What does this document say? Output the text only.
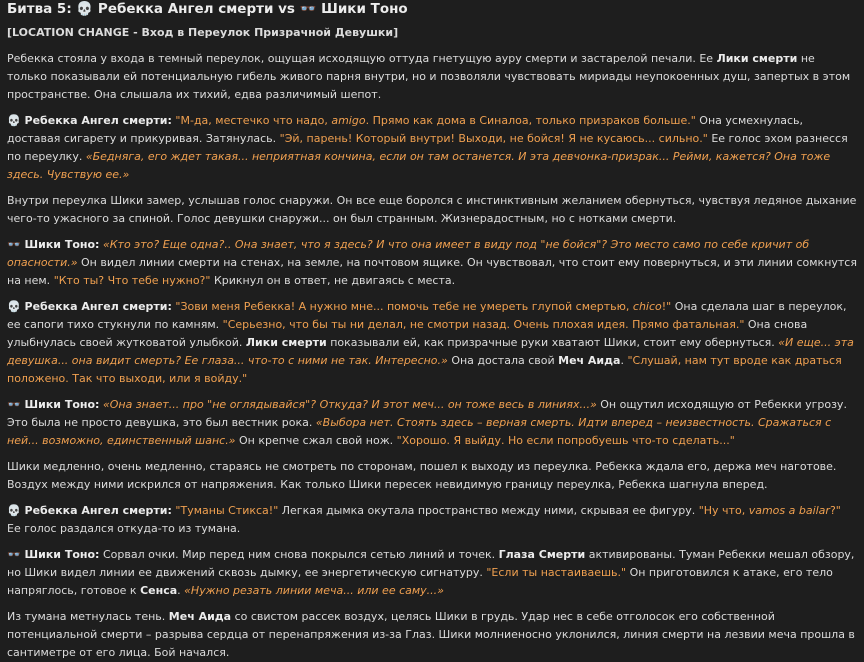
Битва 5: 💀 Ребекка Ангел смерти vs 👓 Шики Тоно
[LOCATION CHANGE - Вход в Переулок Призрачной Девушки]

Ребекка стояла у входа в темный переулок, ощущая исходящую оттуда гнетущую ауру смерти и застарелой печали. Ее Лики смерти не только показывали ей потенциальную гибель живого парня внутри, но и позволяли чувствовать мириады неупокоенных душ, запертых в этом пространстве. Она слышала их тихий, едва различимый шепот.

💀 Ребекка Ангел смерти: "М-да, местечко что надо, amigo. Прямо как дома в Синалоа, только призраков больше." Она усмехнулась, доставая сигарету и прикуривая. Затянулась. "Эй, парень! Который внутри! Выходи, не бойся! Я не кусаюсь... сильно." Ее голос эхом разнесся по переулку. «Бедняга, его ждет такая... неприятная кончина, если он там останется. И эта девчонка-призрак... Рейми, кажется? Она тоже здесь. Чувствую ее.»

Внутри переулка Шики замер, услышав голос снаружи. Он все еще боролся с инстинктивным желанием обернуться, чувствуя ледяное дыхание чего-то ужасного за спиной. Голос девушки снаружи... он был странным. Жизнерадостным, но с нотками смерти.

👓 Шики Тоно: «Кто это? Еще одна?.. Она знает, что я здесь? И что она имеет в виду под "не бойся"? Это место само по себе кричит об опасности.» Он видел линии смерти на стенах, на земле, на почтовом ящике. Он чувствовал, что стоит ему повернуться, и эти линии сомкнутся на нем. "Кто ты? Что тебе нужно?" Крикнул он в ответ, не двигаясь с места.

💀 Ребекка Ангел смерти: "Зови меня Ребекка! А нужно мне... помочь тебе не умереть глупой смертью, chico!" Она сделала шаг в переулок, ее сапоги тихо стукнули по камням. "Серьезно, что бы ты ни делал, не смотри назад. Очень плохая идея. Прямо фатальная." Она снова улыбнулась своей жутковатой улыбкой. Лики смерти показывали ей, как призрачные руки хватают Шики, стоит ему обернуться. «И еще... эта девушка... она видит смерть? Ее глаза... что-то с ними не так. Интересно.» Она достала свой Меч Аида. "Слушай, нам тут вроде как драться положено. Так что выходи, или я войду."

👓 Шики Тоно: «Она знает... про "не оглядывайся"? Откуда? И этот меч... он тоже весь в линиях...» Он ощутил исходящую от Ребекки угрозу. Это была не просто девушка, это был вестник рока. «Выбора нет. Стоять здесь – верная смерть. Идти вперед – неизвестность. Сражаться с ней... возможно, единственный шанс.» Он крепче сжал свой нож. "Хорошо. Я выйду. Но если попробуешь что-то сделать..."

Шики медленно, очень медленно, стараясь не смотреть по сторонам, пошел к выходу из переулка. Ребекка ждала его, держа меч наготове. Воздух между ними искрился от напряжения. Как только Шики пересек невидимую границу переулка, Ребекка шагнула вперед.

💀 Ребекка Ангел смерти: "Туманы Стикса!" Легкая дымка окутала пространство между ними, скрывая ее фигуру. "Ну что, vamos a bailar?" Ее голос раздался откуда-то из тумана.

👓 Шики Тоно: Сорвал очки. Мир перед ним снова покрылся сетью линий и точек. Глаза Смерти активированы. Туман Ребекки мешал обзору, но Шики видел линии ее движений сквозь дымку, ее энергетическую сигнатуру. "Если ты настаиваешь." Он приготовился к атаке, его тело напряглось, готовое к Сенса. «Нужно резать линии меча... или ее саму...»

Из тумана метнулась тень. Меч Аида со свистом рассек воздух, целясь Шики в грудь. Удар нес в себе отголосок его собственной потенциальной смерти – разрыва сердца от перенапряжения из-за Глаз. Шики молниеносно уклонился, линия смерти на лезвии меча прошла в сантиметре от его лица. Бой начался.
